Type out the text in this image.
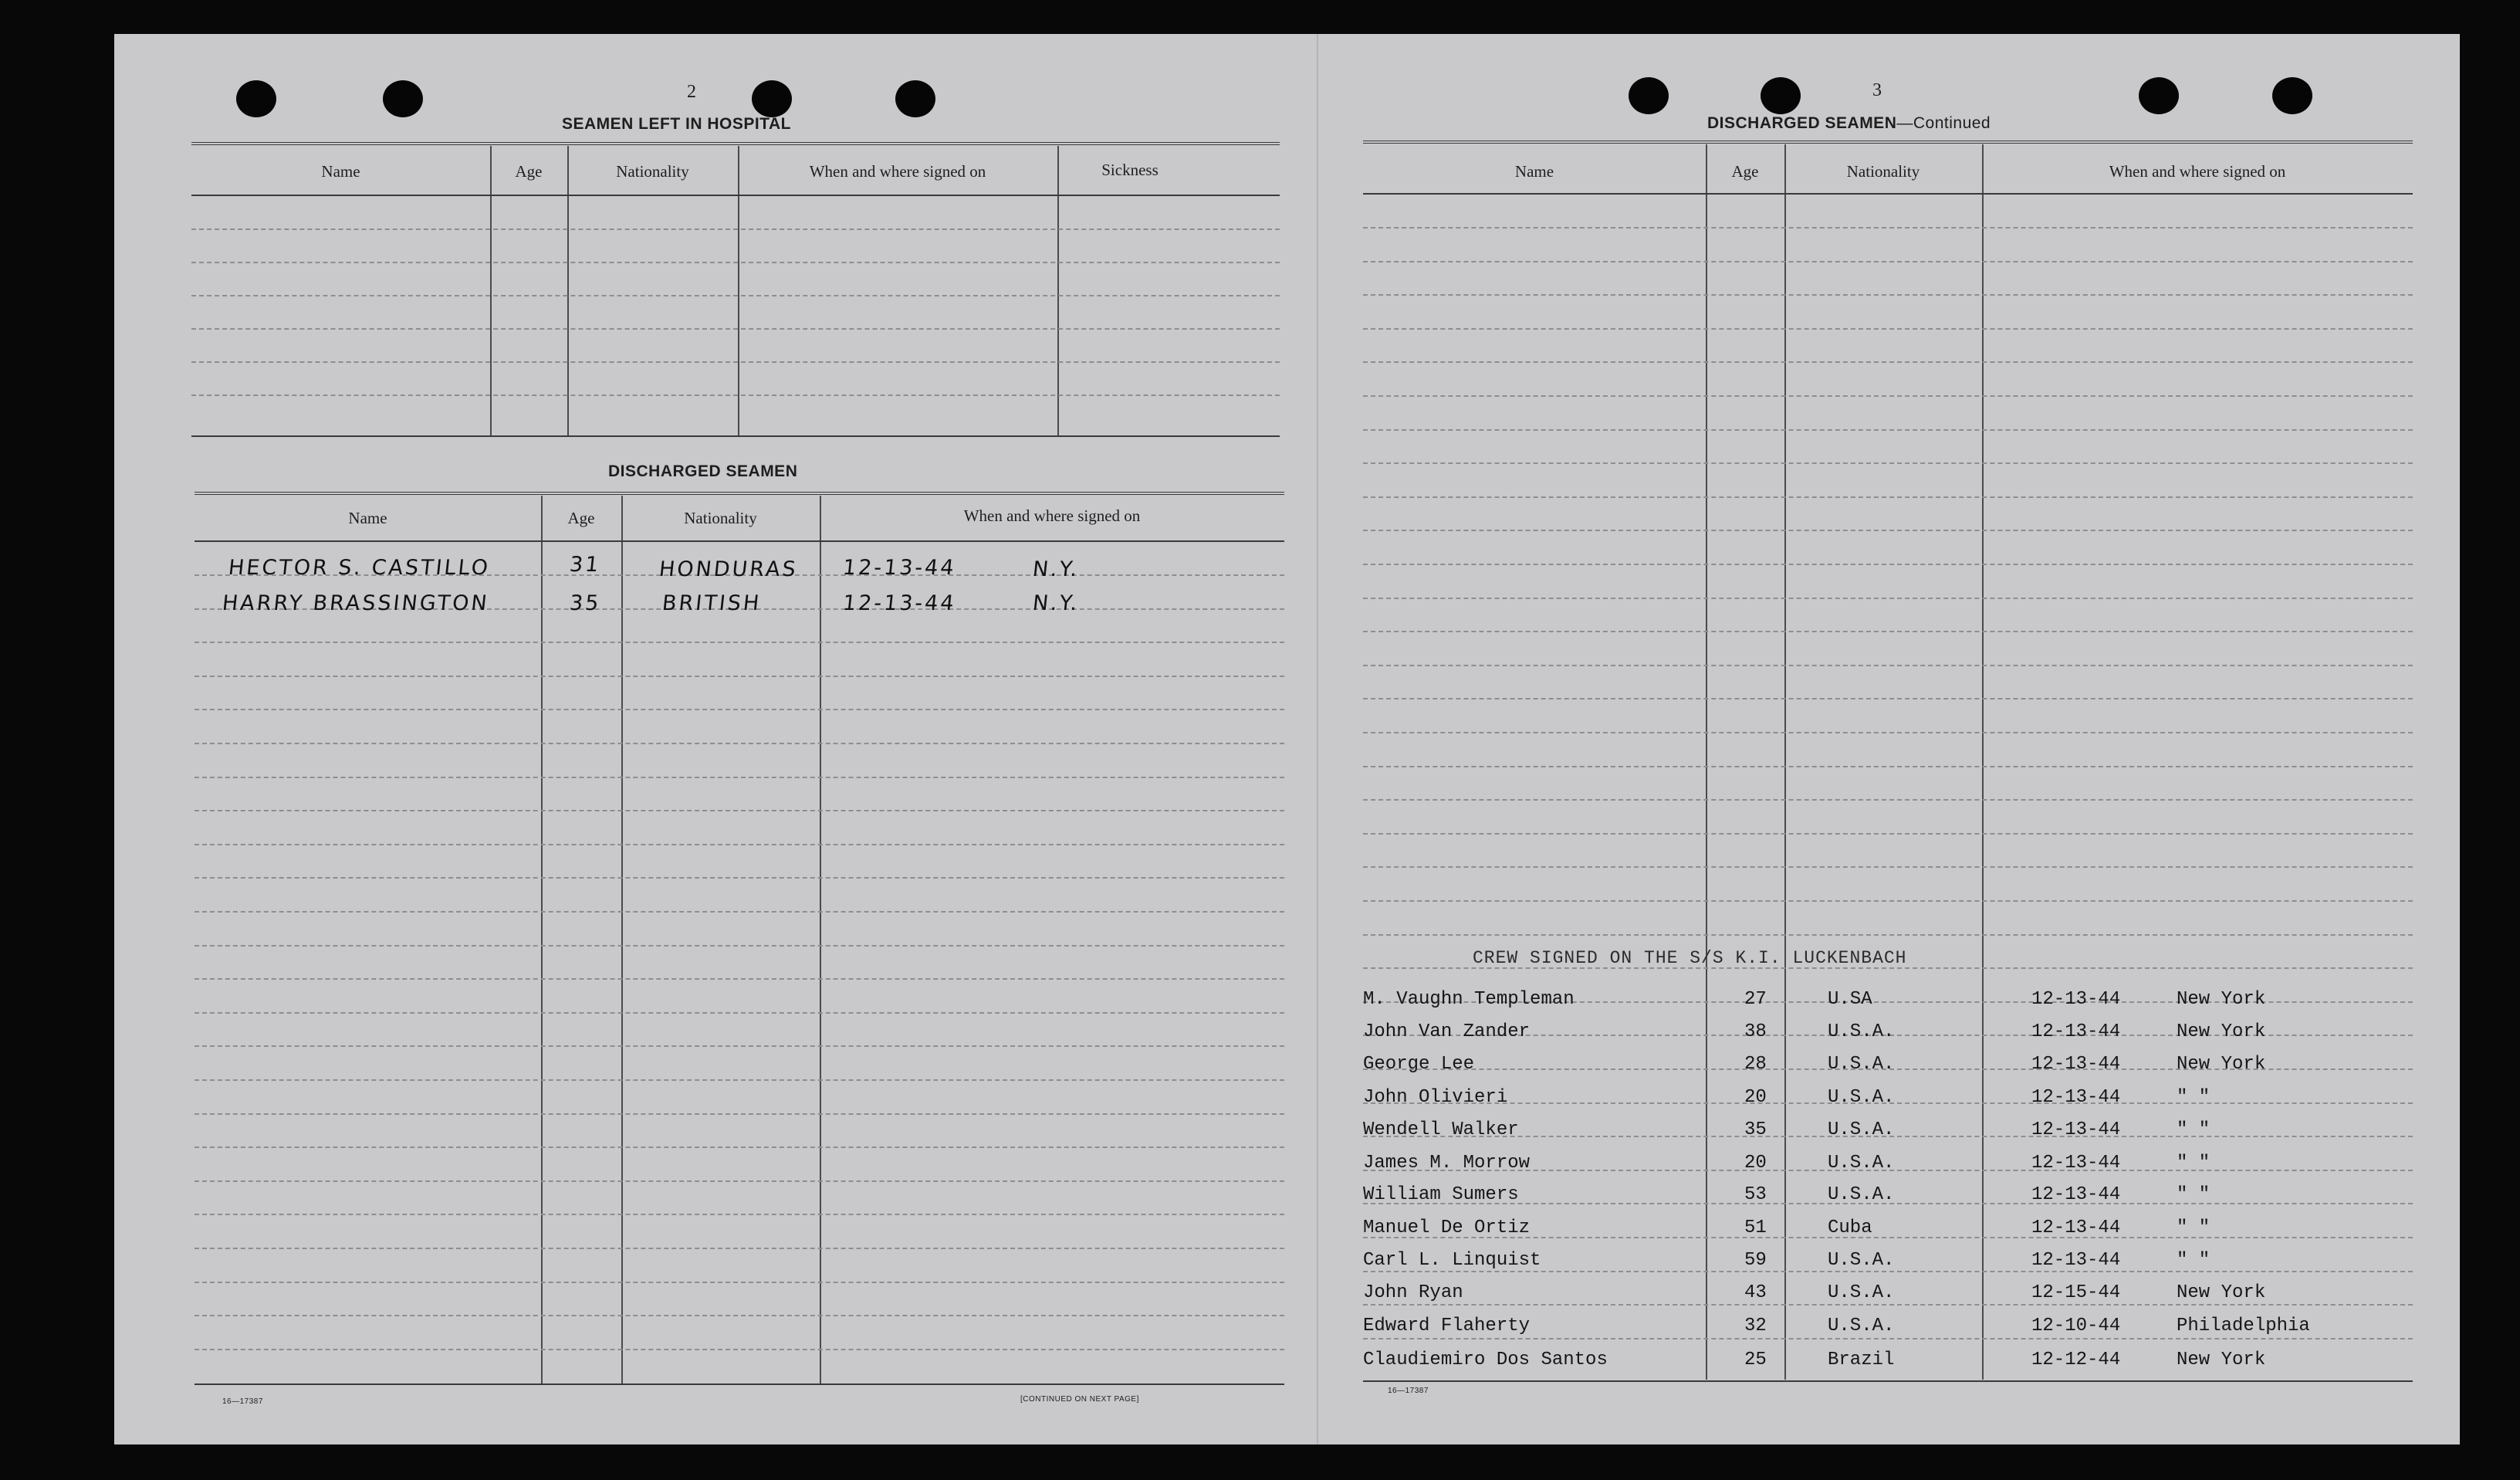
2
SEAMEN LEFT IN HOSPITAL
Name	Age	Nationality	When and where signed on	Sickness
DISCHARGED SEAMEN
Name	Age	Nationality	When and where signed on
HECTOR S. CASTILLO	31	HONDURAS 12-13-44	N.Y.
HARRY BRASSINGTON	35	BRITISH	12-13-44	N.Y.
16—17387	[CONTINUED ON NEXT PAGE]
3
DISCHARGED SEAMEN—Continued
Name	Age	Nationality	When and where signed on
CREW SIGNED ON THE S/S K.I. LUCKENBACH
M. Vaughn Templeman	27	U.SA	12-13-44	New York
John Van Zander	38	U.S.A.	12-13-44	New York
George Lee	28	U.S.A.	12-13-44	New York
John Olivieri	20	U.S.A.	12-13-44	" "
Wendell Walker	35	U.S.A.	12-13-44	" "
James M. Morrow	20	U.S.A.	12-13-44	" "
William Sumers	53	U.S.A.	12-13-44	" "
Manuel De Ortiz	51	Cuba	12-13-44	" "
Carl L. Linquist	59	U.S.A.	12-13-44	" "
John Ryan	43	U.S.A.	12-15-44	New York
Edward Flaherty	32	U.S.A.	12-10-44	Philadelphia
Claudiemiro Dos Santos	25	Brazil	12-12-44	New York
16—17387
